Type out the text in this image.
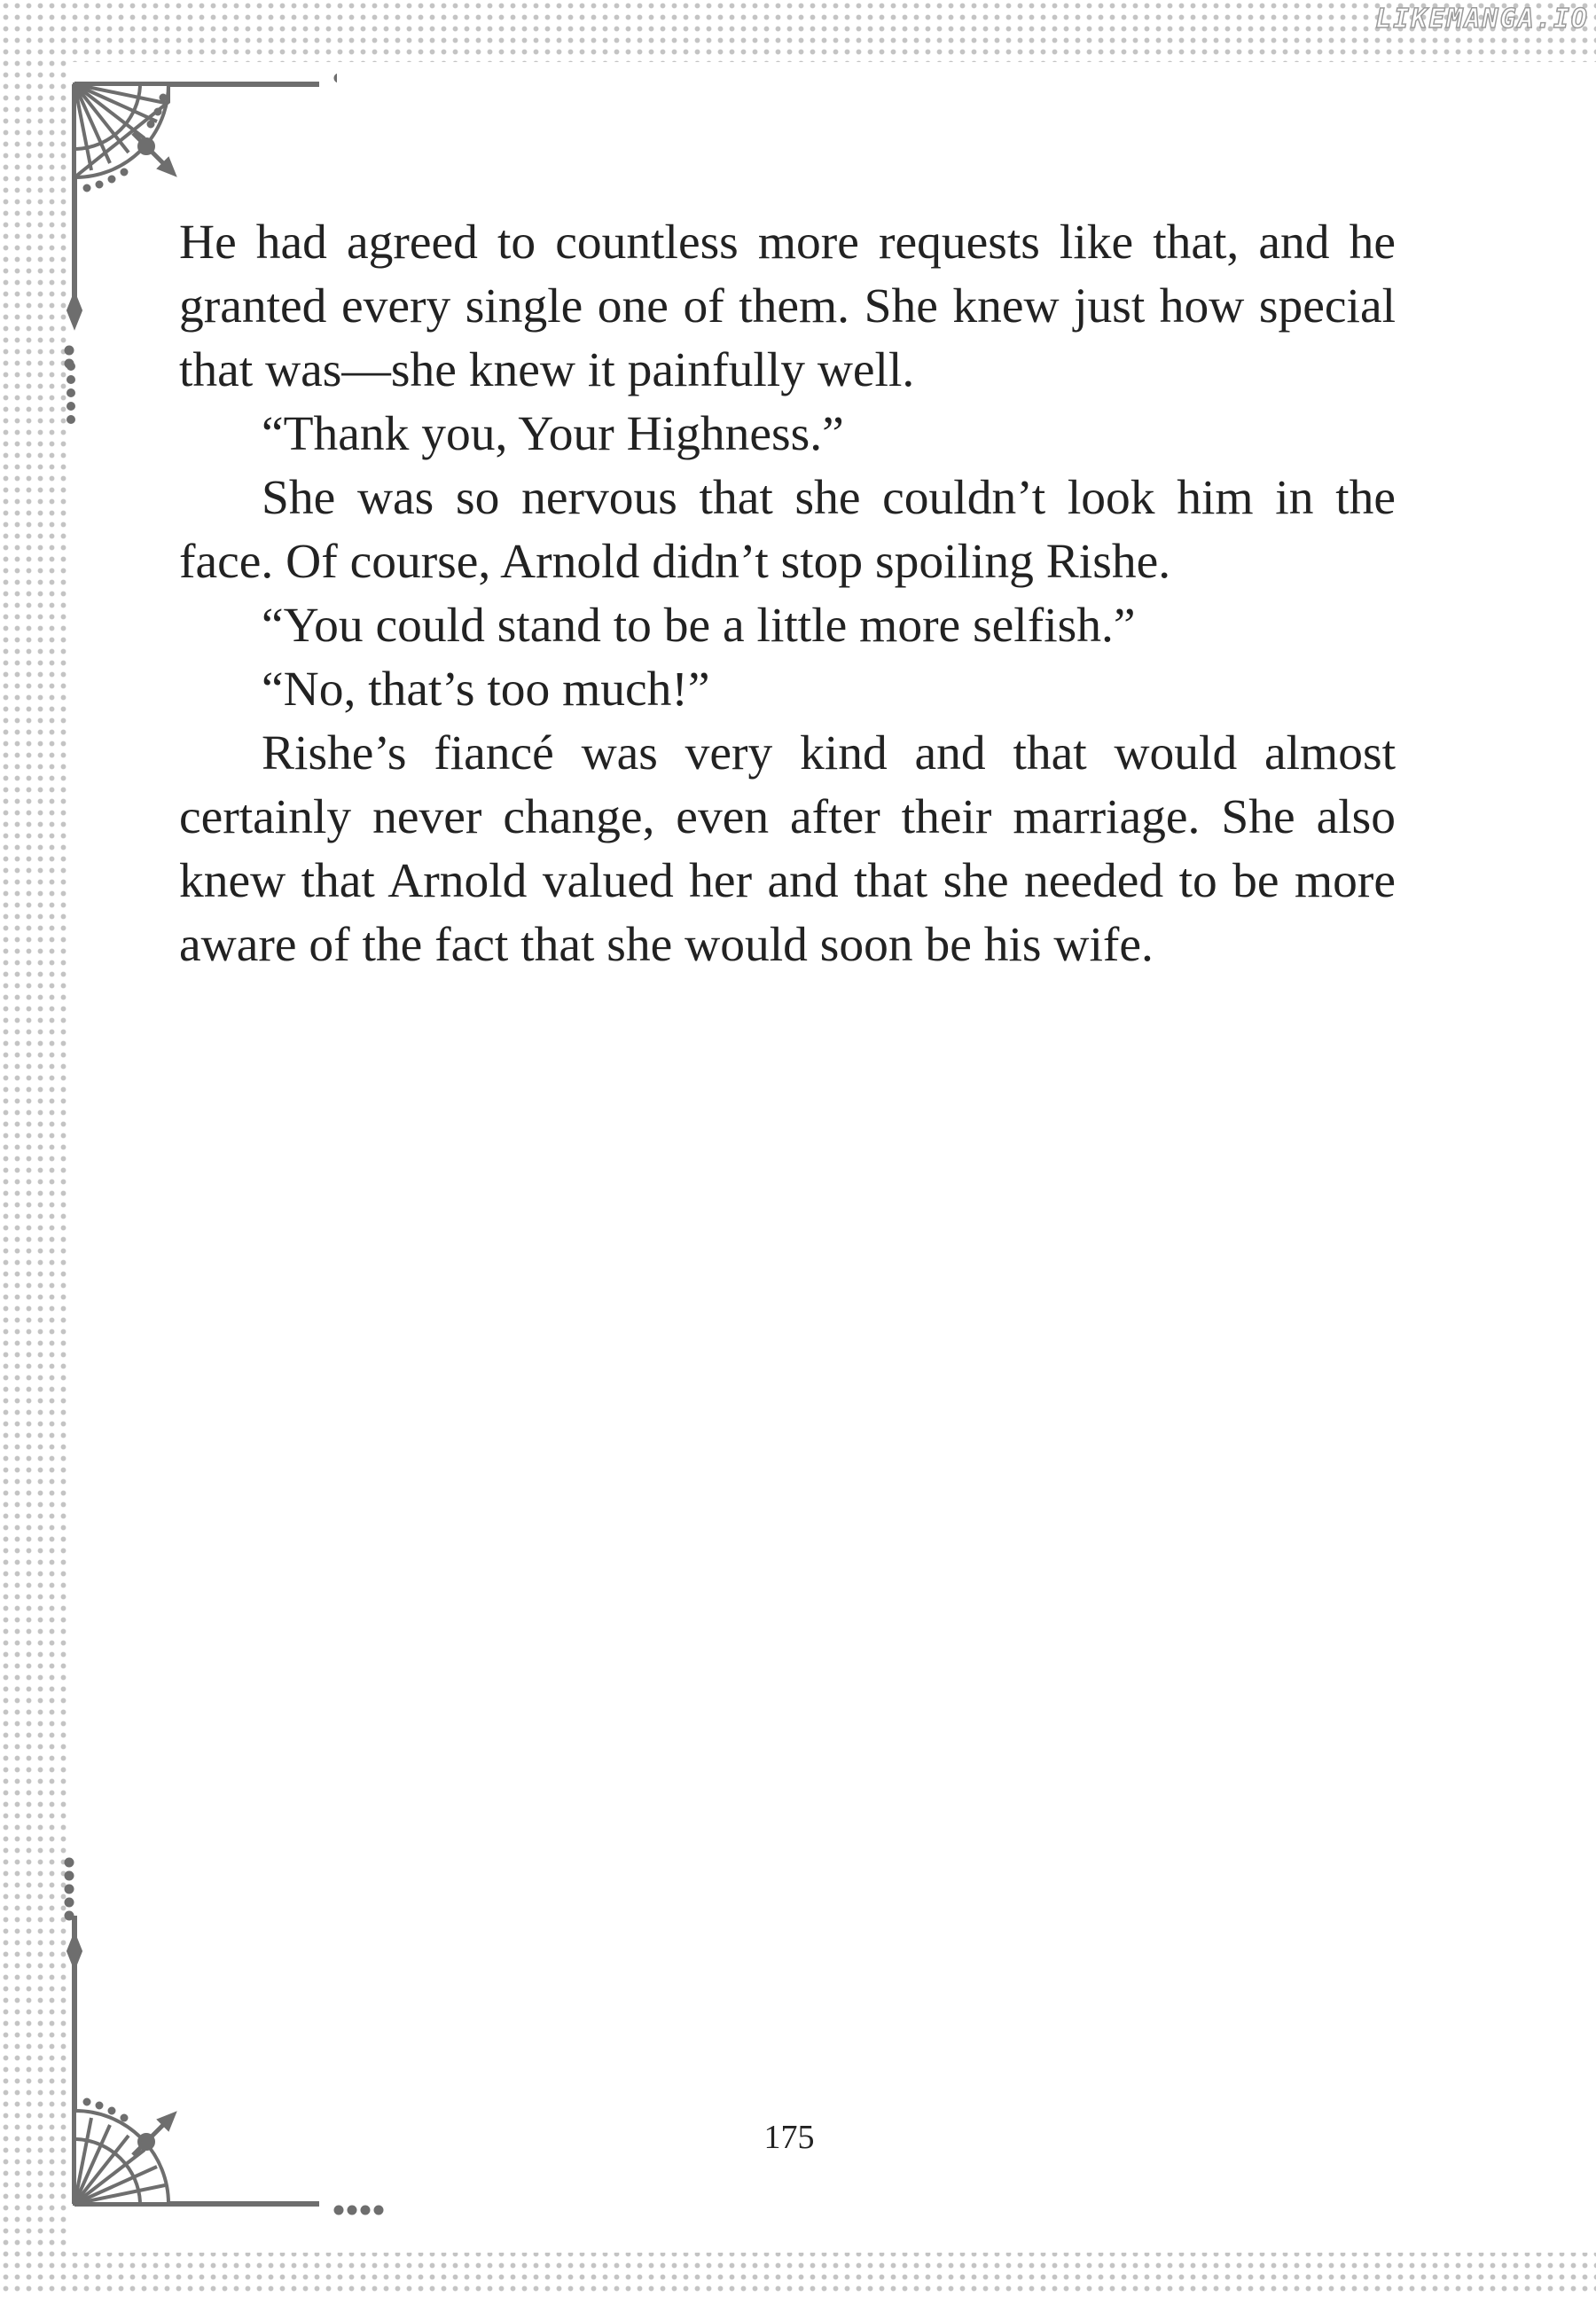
LIKEMANGA.IO

He had agreed to countless more requests like that, and he granted every single one of them. She knew just how special that was—she knew it painfully well.

“Thank you, Your Highness.”

She was so nervous that she couldn’t look him in the face. Of course, Arnold didn’t stop spoiling Rishe.

“You could stand to be a little more selfish.”

“No, that’s too much!”

Rishe’s fiancé was very kind and that would almost certainly never change, even after their marriage. She also knew that Arnold valued her and that she needed to be more aware of the fact that she would soon be his wife.

175
